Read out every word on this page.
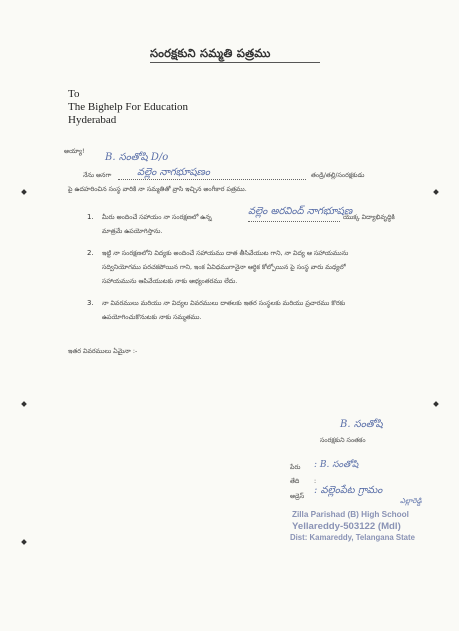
సంరక్షకుని సమ్మతి పత్రము
To
The Bighelp For Education
Hyderabad
అయ్యా!
B. సంతోషి D/o
నేను అనగా	వల్లెం నాగభూషణం	తండ్రి/తల్లి/సంరక్షకుడు
పై ఉదహరించిన సంస్థ వారికి నా సమ్మతితో వ్రాసి ఇచ్చిన అంగీకార పత్రము.
1. మీరు అందించే సహాయం నా సంరక్షణలో ఉన్న
వల్లెం అరవింద్ నాగభూషణ
యొక్క విద్యాభివృద్ధికి
మాత్రమే ఉపయోగిస్తాను.
2. ఇట్టి నా సంరక్షణలోని విద్యకు అందించే సహాయము దాత తీసివేయుట గాని, నా విద్య ఆ సహాయమును
సద్వినియోగము పరచకపోయిన గాని, ఇంక ఏవిధముగానైనా ఆర్థిక కోల్పోయిన పై సంస్థ వారు మధ్యలో
సహాయమును ఆపివేయుటకు నాకు అభ్యంతరము లేదు.
3. నా వివరములు మరియు నా విద్యల వివరములు దాతలకు ఇతర సంస్థలకు మరియు ప్రచారము కొరకు
ఉపయోగించుకొనుటకు నాకు సమ్మతము.
ఇతర వివరములు ఏమైనా :-
B. సంతోషి
సంరక్షకుని సంతకం
పేరు : B. సంతోషి
తేది :
అడ్రెస్
: వల్లెంపేట గ్రామం
ఎల్లారెడ్డి
Zilla Parishad (B) High School
Yellareddy-503122 (Mdl)
Dist: Kamareddy, Telangana State
